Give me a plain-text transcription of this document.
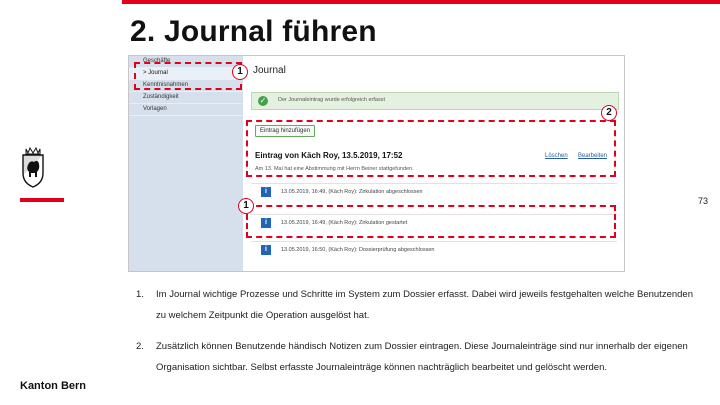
2. Journal führen
73
Geschäfte
> Journal
Kenntnisnahmen
Zuständigkeit
Vorlagen
Journal
✓	Der Journaleintrag wurde erfolgreich erfasst
Eintrag hinzufügen
Eintrag von Käch Roy, 13.5.2019, 17:52	Löschen Bearbeiten
Am 13. Mai hat eine Abstimmung mit Herrn Beiner stattgefunden.
i	13.05.2019, 16:49, (Käch Roy): Zirkulation abgeschlossen
i	13.05.2019, 16:49, (Käch Roy): Zirkulation gestartet
i	13.05.2019, 16:50, (Käch Roy): Dossierprüfung abgeschlossen
1
2
1
1. Im Journal wichtige Prozesse und Schritte im System zum Dossier erfasst. Dabei wird jeweils festgehalten welche Benutzenden zu welchem Zeitpunkt die Operation ausgelöst hat.
2. Zusätzlich können Benutzende händisch Notizen zum Dossier eintragen. Diese Journaleinträge sind nur innerhalb der eigenen Organisation sichtbar. Selbst erfasste Journaleinträge können nachträglich bearbeitet und gelöscht werden.
Kanton Bern
